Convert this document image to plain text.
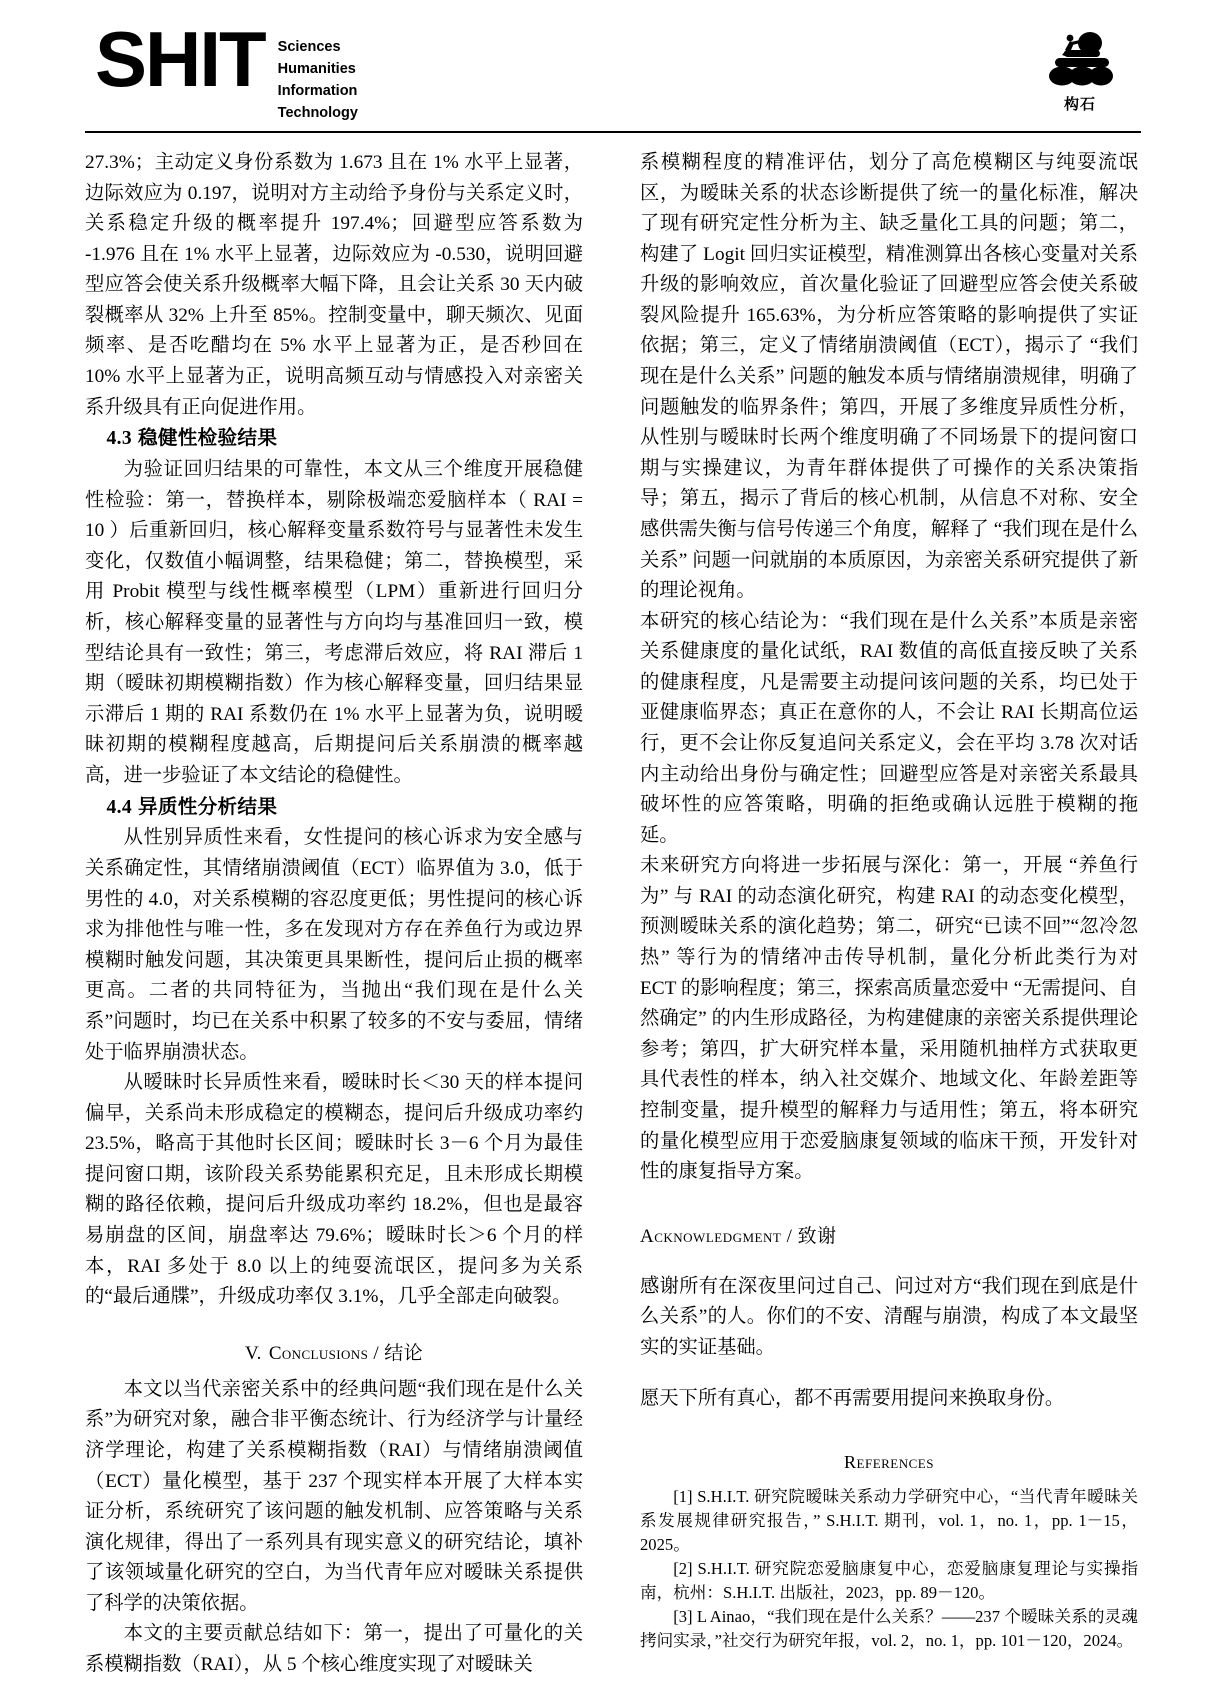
SHIT Sciences
Humanities
Information
Technology
构石

27.3%；主动定义身份系数为 1.673 且在 1% 水平上显著，边际效应为 0.197，说明对方主动给予身份与关系定义时，关系稳定升级的概率提升 197.4%；回避型应答系数为 -1.976 且在 1% 水平上显著，边际效应为 -0.530，说明回避型应答会使关系升级概率大幅下降，且会让关系 30 天内破裂概率从 32% 上升至 85%。控制变量中，聊天频次、见面频率、是否吃醋均在 5% 水平上显著为正，是否秒回在 10% 水平上显著为正，说明高频互动与情感投入对亲密关系升级具有正向促进作用。

4.3 稳健性检验结果

为验证回归结果的可靠性，本文从三个维度开展稳健性检验：第一，替换样本，剔除极端恋爱脑样本（ RAI = 10 ）后重新回归，核心解释变量系数符号与显著性未发生变化，仅数值小幅调整，结果稳健；第二，替换模型，采用 Probit 模型与线性概率模型（LPM）重新进行回归分析，核心解释变量的显著性与方向均与基准回归一致，模型结论具有一致性；第三，考虑滞后效应，将 RAI 滞后 1 期（暧昧初期模糊指数）作为核心解释变量，回归结果显示滞后 1 期的 RAI 系数仍在 1% 水平上显著为负，说明暧昧初期的模糊程度越高，后期提问后关系崩溃的概率越高，进一步验证了本文结论的稳健性。

4.4 异质性分析结果

从性别异质性来看，女性提问的核心诉求为安全感与关系确定性，其情绪崩溃阈值（ECT）临界值为 3.0，低于男性的 4.0，对关系模糊的容忍度更低；男性提问的核心诉求为排他性与唯一性，多在发现对方存在养鱼行为或边界模糊时触发问题，其决策更具果断性，提问后止损的概率更高。二者的共同特征为，当抛出“我们现在是什么关系”问题时，均已在关系中积累了较多的不安与委屈，情绪处于临界崩溃状态。

从暧昧时长异质性来看，暧昧时长＜30 天的样本提问偏早，关系尚未形成稳定的模糊态，提问后升级成功率约 23.5%，略高于其他时长区间；暧昧时长 3－6 个月为最佳提问窗口期，该阶段关系势能累积充足，且未形成长期模糊的路径依赖，提问后升级成功率约 18.2%，但也是最容易崩盘的区间，崩盘率达 79.6%；暧昧时长＞6 个月的样本，RAI 多处于 8.0 以上的纯耍流氓区，提问多为关系的“最后通牒”，升级成功率仅 3.1%，几乎全部走向破裂。

V. Conclusions / 结论

本文以当代亲密关系中的经典问题“我们现在是什么关系”为研究对象，融合非平衡态统计、行为经济学与计量经济学理论，构建了关系模糊指数（RAI）与情绪崩溃阈值（ECT）量化模型，基于 237 个现实样本开展了大样本实证分析，系统研究了该问题的触发机制、应答策略与关系演化规律，得出了一系列具有现实意义的研究结论，填补了该领域量化研究的空白，为当代青年应对暧昧关系提供了科学的决策依据。

本文的主要贡献总结如下：第一，提出了可量化的关系模糊指数（RAI），从 5 个核心维度实现了对暧昧关

系模糊程度的精准评估，划分了高危模糊区与纯耍流氓区，为暧昧关系的状态诊断提供了统一的量化标准，解决了现有研究定性分析为主、缺乏量化工具的问题；第二，构建了 Logit 回归实证模型，精准测算出各核心变量对关系升级的影响效应，首次量化验证了回避型应答会使关系破裂风险提升 165.63%，为分析应答策略的影响提供了实证依据；第三，定义了情绪崩溃阈值（ECT），揭示了 “我们现在是什么关系” 问题的触发本质与情绪崩溃规律，明确了问题触发的临界条件；第四，开展了多维度异质性分析，从性别与暧昧时长两个维度明确了不同场景下的提问窗口期与实操建议，为青年群体提供了可操作的关系决策指导；第五，揭示了背后的核心机制，从信息不对称、安全感供需失衡与信号传递三个角度，解释了 “我们现在是什么关系” 问题一问就崩的本质原因，为亲密关系研究提供了新的理论视角。

本研究的核心结论为：“我们现在是什么关系”本质是亲密关系健康度的量化试纸，RAI 数值的高低直接反映了关系的健康程度，凡是需要主动提问该问题的关系，均已处于亚健康临界态；真正在意你的人，不会让 RAI 长期高位运行，更不会让你反复追问关系定义，会在平均 3.78 次对话内主动给出身份与确定性；回避型应答是对亲密关系最具破坏性的应答策略，明确的拒绝或确认远胜于模糊的拖延。

未来研究方向将进一步拓展与深化：第一，开展 “养鱼行为” 与 RAI 的动态演化研究，构建 RAI 的动态变化模型，预测暧昧关系的演化趋势；第二，研究“已读不回”“忽冷忽热” 等行为的情绪冲击传导机制，量化分析此类行为对 ECT 的影响程度；第三，探索高质量恋爱中 “无需提问、自然确定” 的内生形成路径，为构建健康的亲密关系提供理论参考；第四，扩大研究样本量，采用随机抽样方式获取更具代表性的样本，纳入社交媒介、地域文化、年龄差距等控制变量，提升模型的解释力与适用性；第五，将本研究的量化模型应用于恋爱脑康复领域的临床干预，开发针对性的康复指导方案。

Acknowledgment / 致谢

感谢所有在深夜里问过自己、问过对方“我们现在到底是什么关系”的人。你们的不安、清醒与崩溃，构成了本文最坚实的实证基础。

愿天下所有真心，都不再需要用提问来换取身份。

References

[1] S.H.I.T. 研究院暧昧关系动力学研究中心，“当代青年暧昧关系发展规律研究报告，” S.H.I.T. 期刊，vol. 1，no. 1，pp. 1－15，2025。

[2] S.H.I.T. 研究院恋爱脑康复中心，恋爱脑康复理论与实操指南，杭州：S.H.I.T. 出版社，2023，pp. 89－120。

[3] L Ainao，“我们现在是什么关系？——237 个暧昧关系的灵魂拷问实录，”社交行为研究年报，vol. 2，no. 1，pp. 101－120，2024。
